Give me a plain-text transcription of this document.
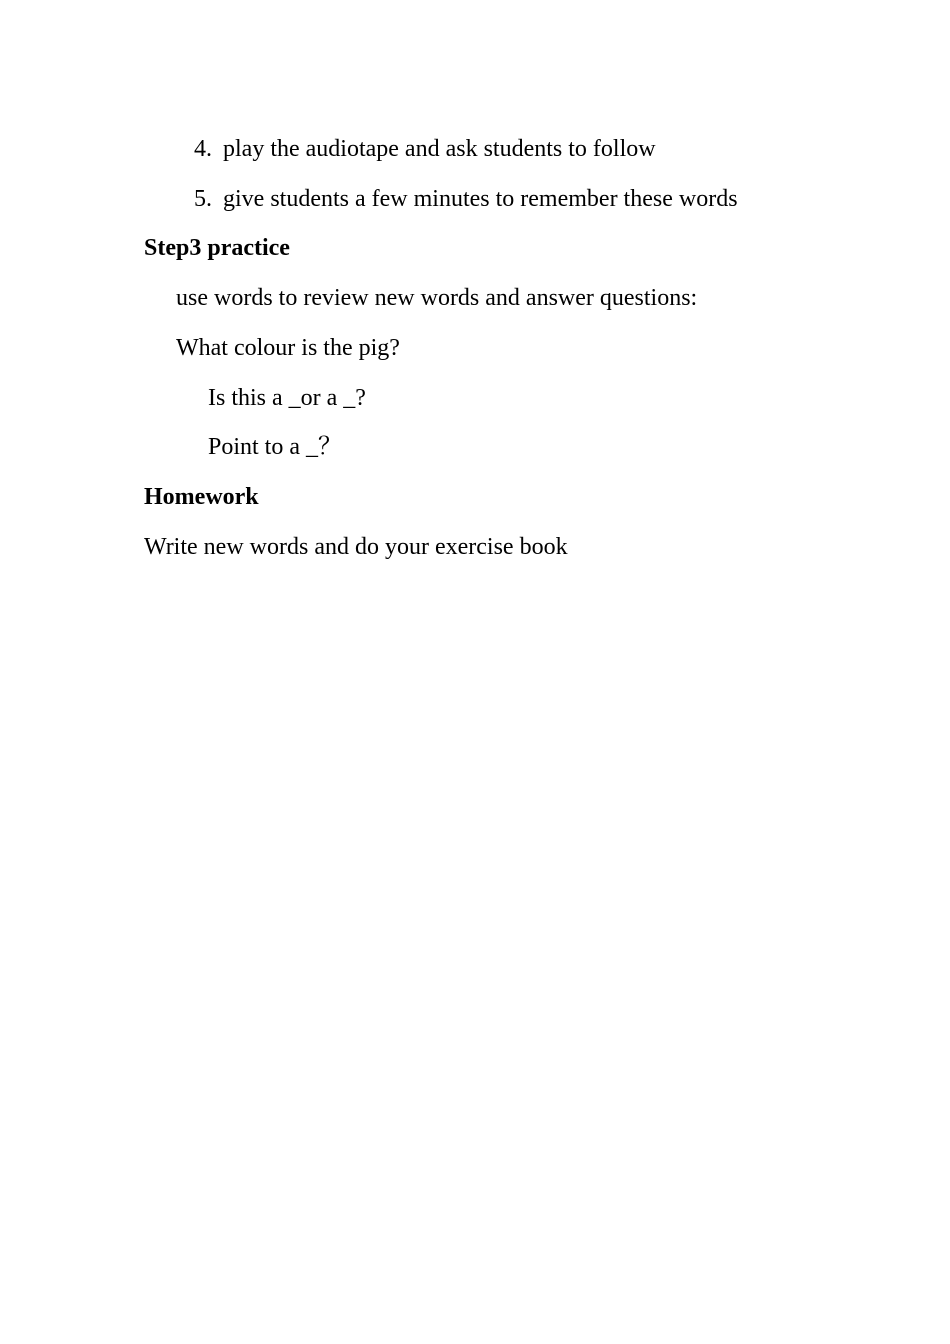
4. play the audiotape and ask students to follow
5. give students a few minutes to remember these words
Step3 practice
use words to review new words and answer questions:
What colour is the pig?
Is this a _or a _?
Point to a _？
Homework
Write new words and do your exercise book
